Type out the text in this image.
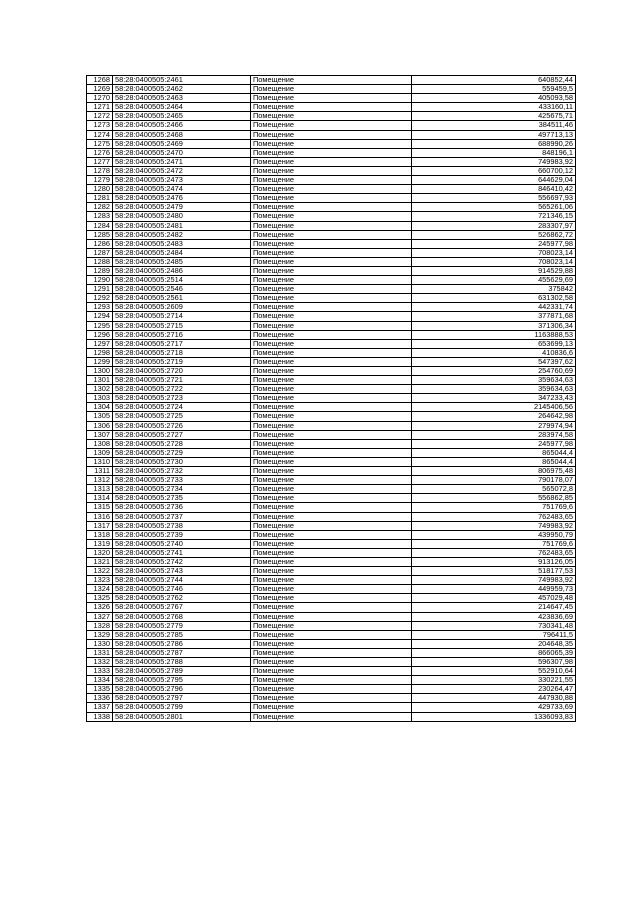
1268	58:28:0400505:2461	Помещение	640852,44
1269	58:28:0400505:2462	Помещение	559459,5
1270	58:28:0400505:2463	Помещение	405093,58
1271	58:28:0400505:2464	Помещение	433160,11
1272	58:28:0400505:2465	Помещение	425675,71
1273	58:28:0400505:2466	Помещение	384511,46
1274	58:28:0400505:2468	Помещение	497713,13
1275	58:28:0400505:2469	Помещение	688990,26
1276	58:28:0400505:2470	Помещение	848196,1
1277	58:28:0400505:2471	Помещение	749983,92
1278	58:28:0400505:2472	Помещение	660700,12
1279	58:28:0400505:2473	Помещение	644629,04
1280	58:28:0400505:2474	Помещение	846410,42
1281	58:28:0400505:2476	Помещение	556697,93
1282	58:28:0400505:2479	Помещение	565261,06
1283	58:28:0400505:2480	Помещение	721346,15
1284	58:28:0400505:2481	Помещение	283307,97
1285	58:28:0400505:2482	Помещение	526862,72
1286	58:28:0400505:2483	Помещение	245977,98
1287	58:28:0400505:2484	Помещение	708023,14
1288	58:28:0400505:2485	Помещение	708023,14
1289	58:28:0400505:2486	Помещение	914529,88
1290	58:28:0400505:2514	Помещение	455629,69
1291	58:28:0400505:2546	Помещение	375842
1292	58:28:0400505:2561	Помещение	631302,58
1293	58:28:0400505:2609	Помещение	442331,74
1294	58:28:0400505:2714	Помещение	377871,68
1295	58:28:0400505:2715	Помещение	371306,34
1296	58:28:0400505:2716	Помещение	1163888,53
1297	58:28:0400505:2717	Помещение	653699,13
1298	58:28:0400505:2718	Помещение	410836,6
1299	58:28:0400505:2719	Помещение	547397,62
1300	58:28:0400505:2720	Помещение	254760,69
1301	58:28:0400505:2721	Помещение	359634,63
1302	58:28:0400505:2722	Помещение	359634,63
1303	58:28:0400505:2723	Помещение	347233,43
1304	58:28:0400505:2724	Помещение	2145406,56
1305	58:28:0400505:2725	Помещение	264642,98
1306	58:28:0400505:2726	Помещение	279974,94
1307	58:28:0400505:2727	Помещение	283974,58
1308	58:28:0400505:2728	Помещение	245977,98
1309	58:28:0400505:2729	Помещение	865044,4
1310	58:28:0400505:2730	Помещение	865044,4
1311	58:28:0400505:2732	Помещение	806975,48
1312	58:28:0400505:2733	Помещение	790178,07
1313	58:28:0400505:2734	Помещение	565072,8
1314	58:28:0400505:2735	Помещение	556862,85
1315	58:28:0400505:2736	Помещение	751769,6
1316	58:28:0400505:2737	Помещение	762483,65
1317	58:28:0400505:2738	Помещение	749983,92
1318	58:28:0400505:2739	Помещение	439950,79
1319	58:28:0400505:2740	Помещение	751769,6
1320	58:28:0400505:2741	Помещение	762483,65
1321	58:28:0400505:2742	Помещение	913126,05
1322	58:28:0400505:2743	Помещение	518177,53
1323	58:28:0400505:2744	Помещение	749983,92
1324	58:28:0400505:2746	Помещение	449959,73
1325	58:28:0400505:2762	Помещение	457029,48
1326	58:28:0400505:2767	Помещение	214647,45
1327	58:28:0400505:2768	Помещение	423836,69
1328	58:28:0400505:2779	Помещение	730341,48
1329	58:28:0400505:2785	Помещение	796411,5
1330	58:28:0400505:2786	Помещение	204648,35
1331	58:28:0400505:2787	Помещение	866065,39
1332	58:28:0400505:2788	Помещение	596307,98
1333	58:28:0400505:2789	Помещение	552910,64
1334	58:28:0400505:2795	Помещение	330221,55
1335	58:28:0400505:2796	Помещение	230264,47
1336	58:28:0400505:2797	Помещение	447930,88
1337	58:28:0400505:2799	Помещение	429733,69
1338	58:28:0400505:2801	Помещение	1336093,83
